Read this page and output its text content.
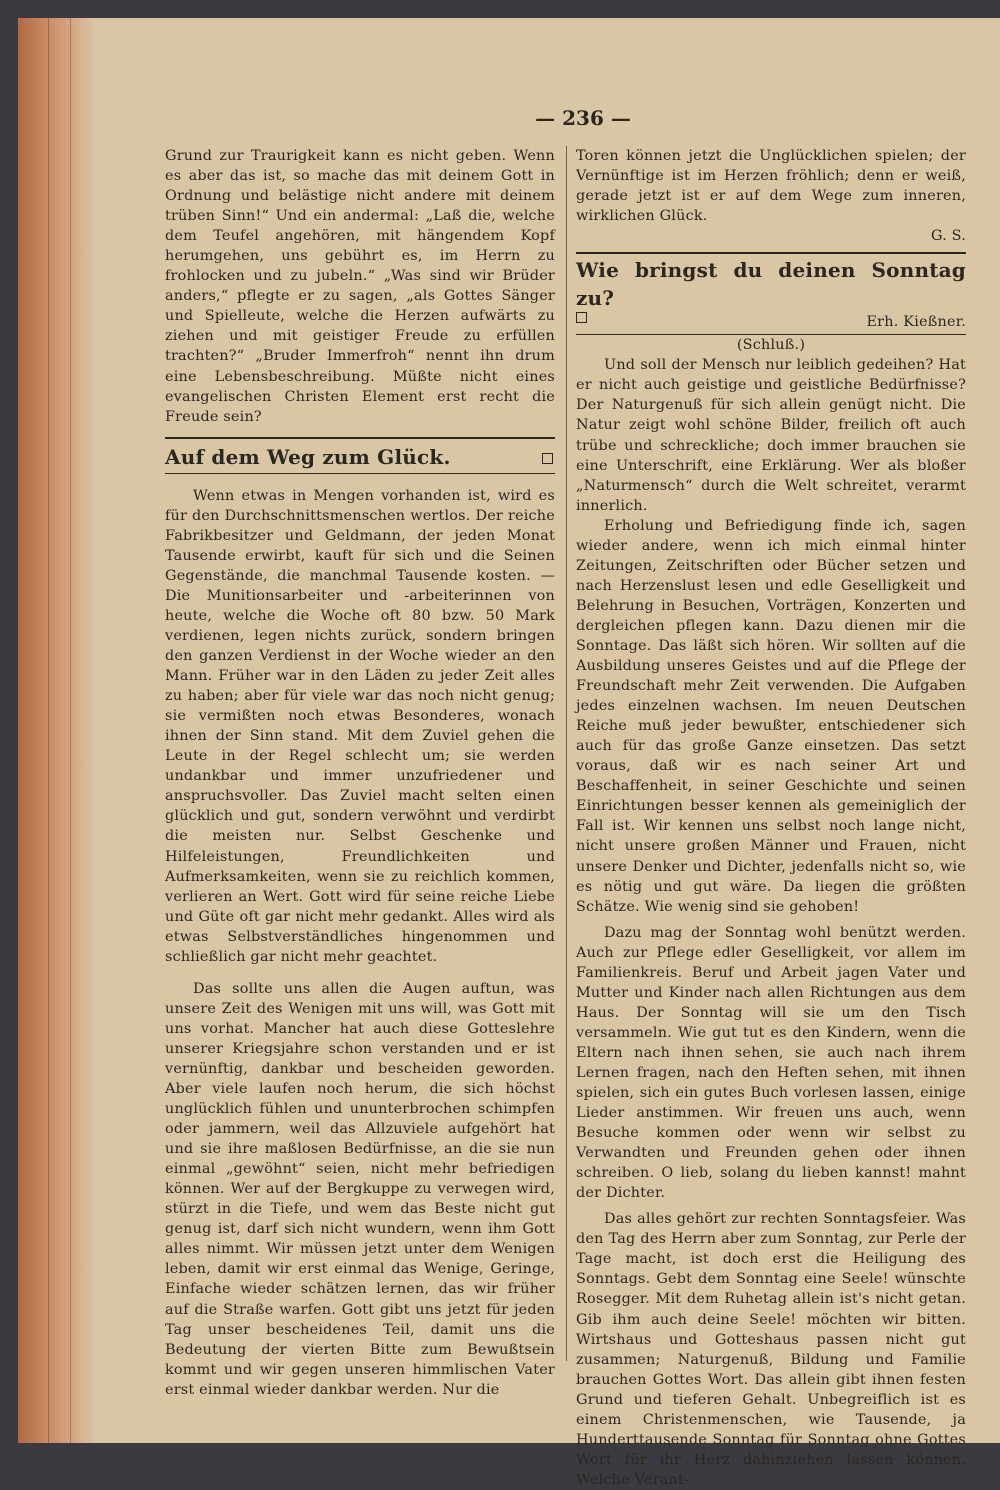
— 236 —

Grund zur Traurigkeit kann es nicht geben. Wenn es aber das ist, so mache das mit deinem Gott in Ordnung und belästige nicht andere mit deinem trüben Sinn!“ Und ein andermal: „Laß die, welche dem Teufel angehören, mit hängendem Kopf herumgehen, uns gebührt es, im Herrn zu frohlocken und zu jubeln.“ „Was sind wir Brüder anders,“ pflegte er zu sagen, „als Gottes Sänger und Spielleute, welche die Herzen aufwärts zu ziehen und mit geistiger Freude zu erfüllen trachten?“ „Bruder Immerfroh“ nennt ihn drum eine Lebensbeschreibung. Müßte nicht eines evangelischen Christen Element erst recht die Freude sein?

Auf dem Weg zum Glück.

Wenn etwas in Mengen vorhanden ist, wird es für den Durchschnittsmenschen wertlos. Der reiche Fabrikbesitzer und Geldmann, der jeden Monat Tausende erwirbt, kauft für sich und die Seinen Gegenstände, die manchmal Tausende kosten. — Die Munitionsarbeiter und -arbeiterinnen von heute, welche die Woche oft 80 bzw. 50 Mark verdienen, legen nichts zurück, sondern bringen den ganzen Verdienst in der Woche wieder an den Mann. Früher war in den Läden zu jeder Zeit alles zu haben; aber für viele war das noch nicht genug; sie vermißten noch etwas Besonderes, wonach ihnen der Sinn stand. Mit dem Zuviel gehen die Leute in der Regel schlecht um; sie werden undankbar und immer unzufriedener und anspruchsvoller. Das Zuviel macht selten einen glücklich und gut, sondern verwöhnt und verdirbt die meisten nur. Selbst Geschenke und Hilfeleistungen, Freundlichkeiten und Aufmerksamkeiten, wenn sie zu reichlich kommen, verlieren an Wert. Gott wird für seine reiche Liebe und Güte oft gar nicht mehr gedankt. Alles wird als etwas Selbstverständliches hingenommen und schließlich gar nicht mehr geachtet.

Das sollte uns allen die Augen auftun, was unsere Zeit des Wenigen mit uns will, was Gott mit uns vorhat. Mancher hat auch diese Gotteslehre unserer Kriegsjahre schon verstanden und er ist vernünftig, dankbar und bescheiden geworden. Aber viele laufen noch herum, die sich höchst unglücklich fühlen und ununterbrochen schimpfen oder jammern, weil das Allzuviele aufgehört hat und sie ihre maßlosen Bedürfnisse, an die sie nun einmal „gewöhnt“ seien, nicht mehr befriedigen können. Wer auf der Bergkuppe zu verwegen wird, stürzt in die Tiefe, und wem das Beste nicht gut genug ist, darf sich nicht wundern, wenn ihm Gott alles nimmt. Wir müssen jetzt unter dem Wenigen leben, damit wir erst einmal das Wenige, Geringe, Einfache wieder schätzen lernen, das wir früher auf die Straße warfen. Gott gibt uns jetzt für jeden Tag unser bescheidenes Teil, damit uns die Bedeutung der vierten Bitte zum Bewußtsein kommt und wir gegen unseren himmlischen Vater erst einmal wieder dankbar werden. Nur die

Toren können jetzt die Unglücklichen spielen; der Vernünftige ist im Herzen fröhlich; denn er weiß, gerade jetzt ist er auf dem Wege zum inneren, wirklichen Glück.

G. S.
Wie bringst du deinen Sonntag zu?
Erh. Kießner.
(Schluß.)

Und soll der Mensch nur leiblich gedeihen? Hat er nicht auch geistige und geistliche Bedürfnisse? Der Naturgenuß für sich allein genügt nicht. Die Natur zeigt wohl schöne Bilder, freilich oft auch trübe und schreckliche; doch immer brauchen sie eine Unterschrift, eine Erklärung. Wer als bloßer „Naturmensch“ durch die Welt schreitet, verarmt innerlich.

Erholung und Befriedigung finde ich, sagen wieder andere, wenn ich mich einmal hinter Zeitungen, Zeitschriften oder Bücher setzen und nach Herzenslust lesen und edle Geselligkeit und Belehrung in Besuchen, Vorträgen, Konzerten und dergleichen pflegen kann. Dazu dienen mir die Sonntage. Das läßt sich hören. Wir sollten auf die Ausbildung unseres Geistes und auf die Pflege der Freundschaft mehr Zeit verwenden. Die Aufgaben jedes einzelnen wachsen. Im neuen Deutschen Reiche muß jeder bewußter, entschiedener sich auch für das große Ganze einsetzen. Das setzt voraus, daß wir es nach seiner Art und Beschaffenheit, in seiner Geschichte und seinen Einrichtungen besser kennen als gemeiniglich der Fall ist. Wir kennen uns selbst noch lange nicht, nicht unsere großen Männer und Frauen, nicht unsere Denker und Dichter, jedenfalls nicht so, wie es nötig und gut wäre. Da liegen die größten Schätze. Wie wenig sind sie gehoben!

Dazu mag der Sonntag wohl benützt werden. Auch zur Pflege edler Geselligkeit, vor allem im Familienkreis. Beruf und Arbeit jagen Vater und Mutter und Kinder nach allen Richtungen aus dem Haus. Der Sonntag will sie um den Tisch versammeln. Wie gut tut es den Kindern, wenn die Eltern nach ihnen sehen, sie auch nach ihrem Lernen fragen, nach den Heften sehen, mit ihnen spielen, sich ein gutes Buch vorlesen lassen, einige Lieder anstimmen. Wir freuen uns auch, wenn Besuche kommen oder wenn wir selbst zu Verwandten und Freunden gehen oder ihnen schreiben. O lieb, solang du lieben kannst! mahnt der Dichter.

Das alles gehört zur rechten Sonntagsfeier. Was den Tag des Herrn aber zum Sonntag, zur Perle der Tage macht, ist doch erst die Heiligung des Sonntags. Gebt dem Sonntag eine Seele! wünschte Rosegger. Mit dem Ruhetag allein ist's nicht getan. Gib ihm auch deine Seele! möchten wir bitten. Wirtshaus und Gotteshaus passen nicht gut zusammen; Naturgenuß, Bildung und Familie brauchen Gottes Wort. Das allein gibt ihnen festen Grund und tieferen Gehalt. Unbegreiflich ist es einem Christenmenschen, wie Tausende, ja Hunderttausende Sonntag für Sonntag ohne Gottes Wort für ihr Herz dahinziehen lassen können. Welche Verant-
